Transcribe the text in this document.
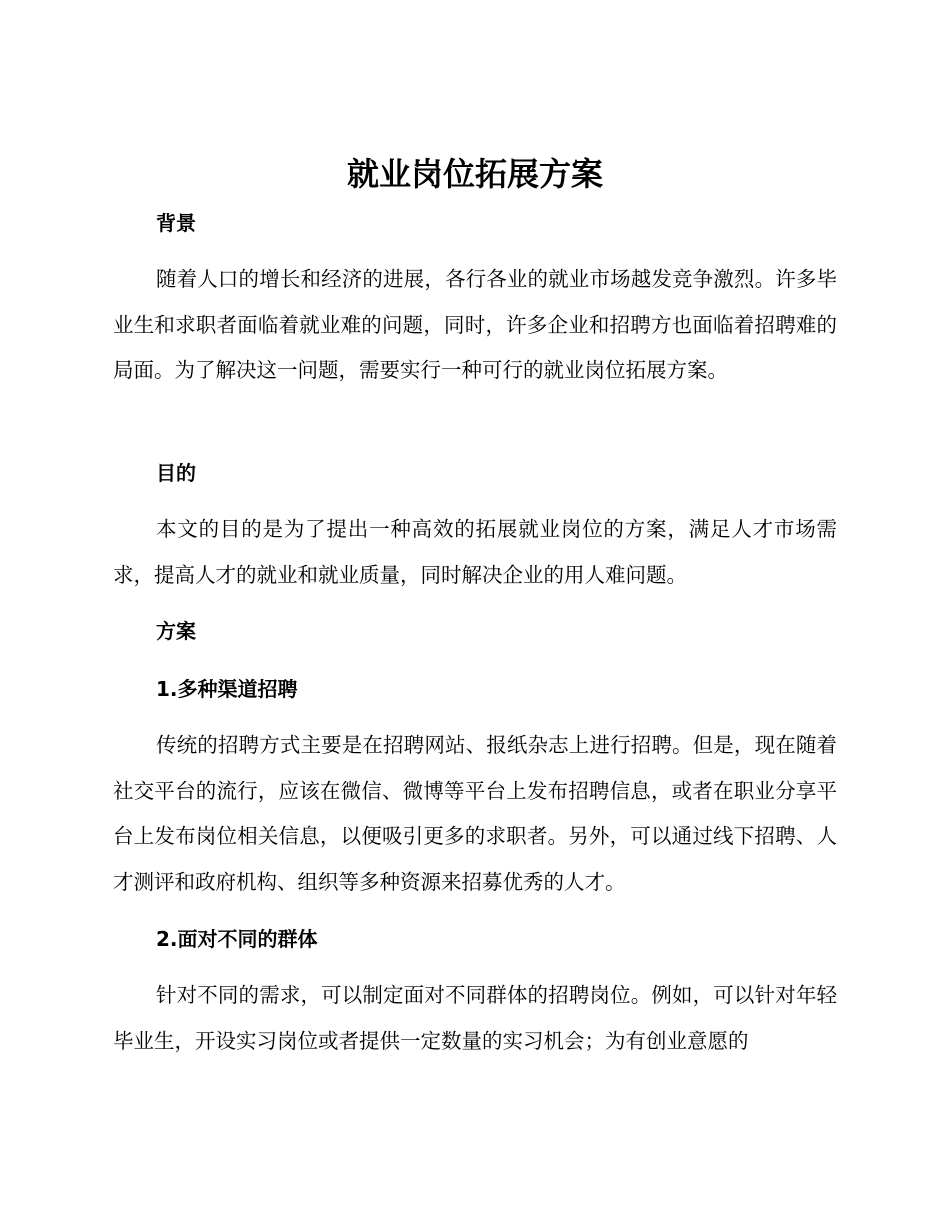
就业岗位拓展方案
背景

随着人口的增长和经济的进展，各行各业的就业市场越发竞争激烈。许多毕业生和求职者面临着就业难的问题，同时，许多企业和招聘方也面临着招聘难的局面。为了解决这一问题，需要实行一种可行的就业岗位拓展方案。

目的

本文的目的是为了提出一种高效的拓展就业岗位的方案，满足人才市场需求，提高人才的就业和就业质量，同时解决企业的用人难问题。

方案
1.多种渠道招聘

传统的招聘方式主要是在招聘网站、报纸杂志上进行招聘。但是，现在随着社交平台的流行，应该在微信、微博等平台上发布招聘信息，或者在职业分享平台上发布岗位相关信息，以便吸引更多的求职者。另外，可以通过线下招聘、人才测评和政府机构、组织等多种资源来招募优秀的人才。

2.面对不同的群体

针对不同的需求，可以制定面对不同群体的招聘岗位。例如，可以针对年轻毕业生，开设实习岗位或者提供一定数量的实习机会；为有创业意愿的
